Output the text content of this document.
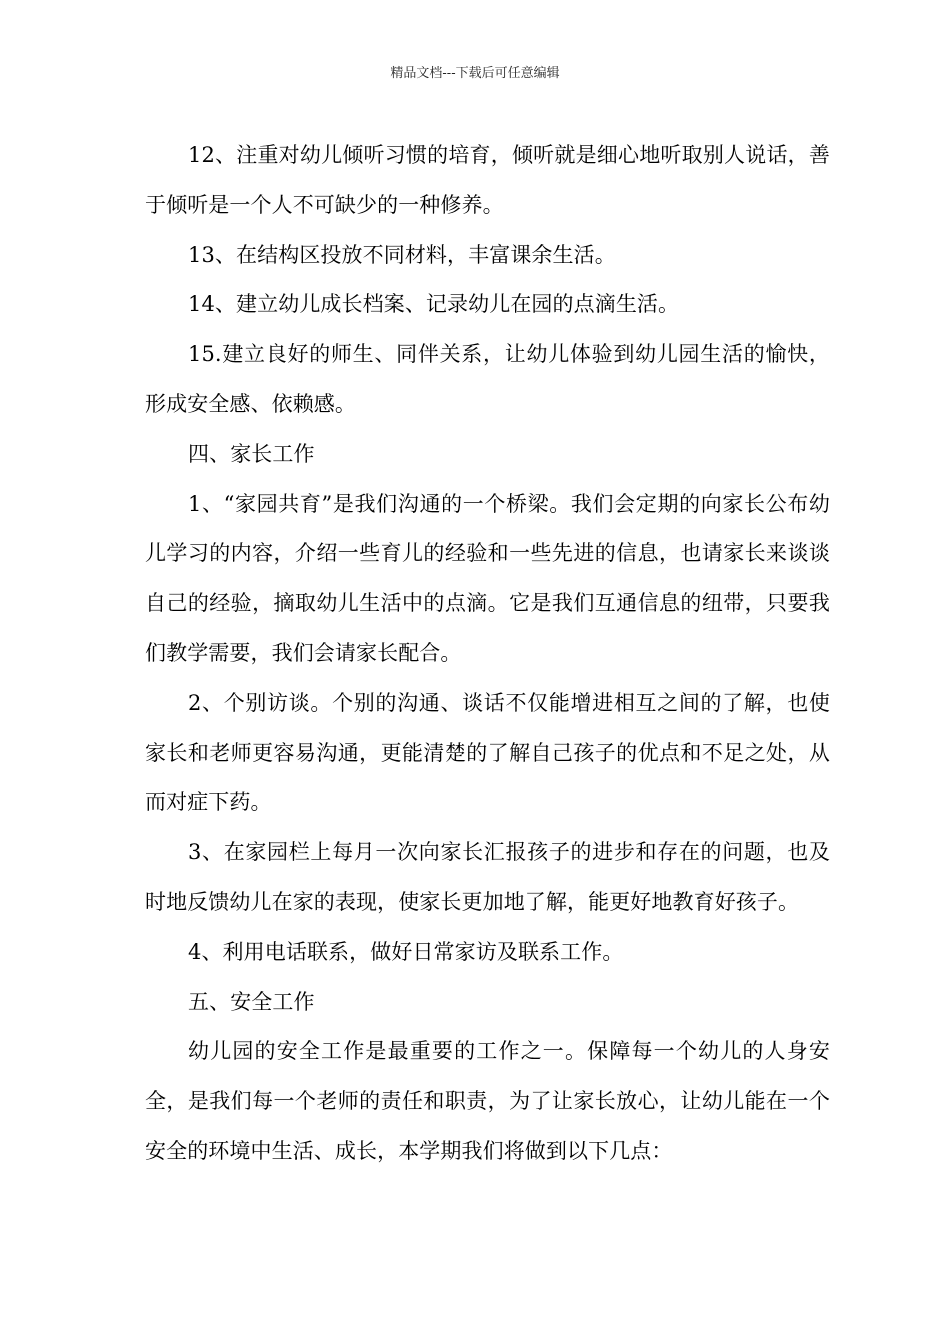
精品文档---下载后可任意编辑

12、注重对幼儿倾听习惯的培育，倾听就是细心地听取别人说话，善于倾听是一个人不可缺少的一种修养。

13、在结构区投放不同材料，丰富课余生活。

14、建立幼儿成长档案、记录幼儿在园的点滴生活。

15.建立良好的师生、同伴关系，让幼儿体验到幼儿园生活的愉快，形成安全感、依赖感。

四、家长工作

1、“家园共育”是我们沟通的一个桥梁。我们会定期的向家长公布幼儿学习的内容，介绍一些育儿的经验和一些先进的信息，也请家长来谈谈自己的经验，摘取幼儿生活中的点滴。它是我们互通信息的纽带，只要我们教学需要，我们会请家长配合。

2、个别访谈。个别的沟通、谈话不仅能增进相互之间的了解，也使家长和老师更容易沟通，更能清楚的了解自己孩子的优点和不足之处，从而对症下药。

3、在家园栏上每月一次向家长汇报孩子的进步和存在的问题，也及时地反馈幼儿在家的表现，使家长更加地了解，能更好地教育好孩子。

4、利用电话联系，做好日常家访及联系工作。

五、安全工作

幼儿园的安全工作是最重要的工作之一。保障每一个幼儿的人身安全，是我们每一个老师的责任和职责，为了让家长放心，让幼儿能在一个安全的环境中生活、成长，本学期我们将做到以下几点：
